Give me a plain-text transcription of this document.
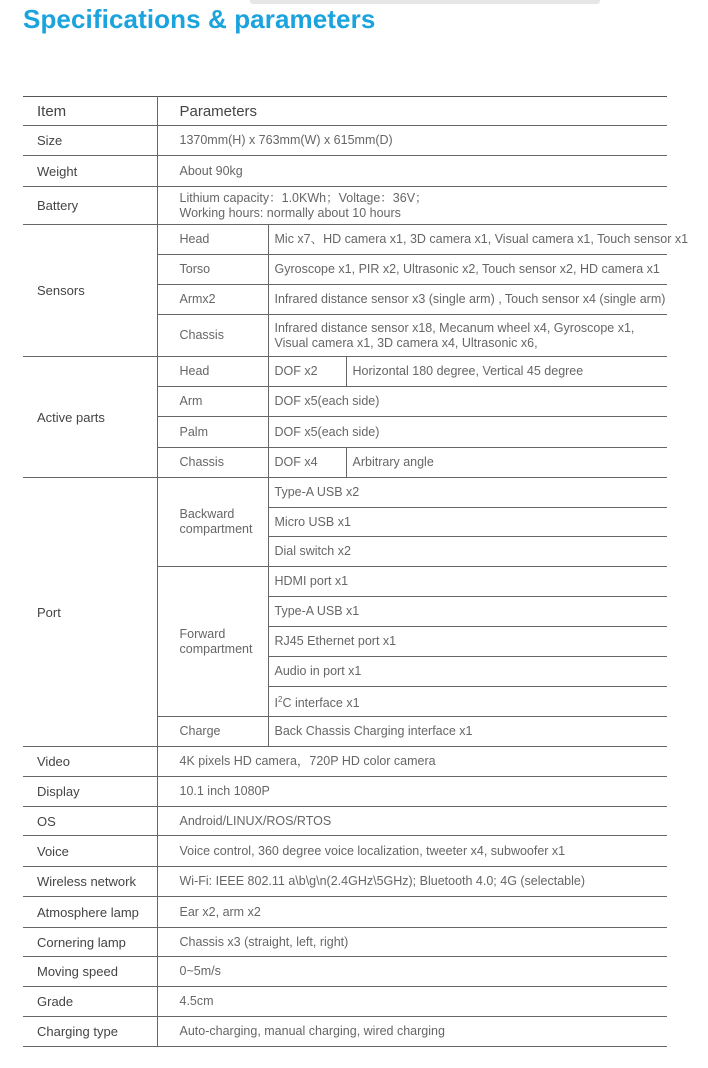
Specifications & parameters
Item	Parameters		
Size	1370mm(H) x 763mm(W) x 615mm(D)		
Weight	About 90kg		
Battery	Lithium capacity：1.0KWh；Voltage：36V；
Working hours: normally about 10 hours		

Sensors	Head	Mic x7、HD camera x1, 3D camera x1, Visual camera x1, Touch sensor x1	
	Torso	Gyroscope x1, PIR x2, Ultrasonic x2, Touch sensor x2, HD camera x1	
	Armx2	Infrared distance sensor x3 (single arm) , Touch sensor x4 (single arm)	
	Chassis	Infrared distance sensor x18, Mecanum wheel x4, Gyroscope x1,
Visual camera x1, 3D camera x4, Ultrasonic x6,	

Active parts	Head	DOF x2	Horizontal 180 degree, Vertical 45 degree
	Arm	DOF x5(each side)	
	Palm	DOF x5(each side)	
	Chassis	DOF x4	Arbitrary angle
Port	Backward
compartment	Type-A USB x2	
		Micro USB x1	
		Dial switch x2	

	Forward
compartment	HDMI port x1	
		Type-A USB x1	
		RJ45 Ethernet port x1	
		Audio in port x1	
		$I^2C$ interface x1	
	Charge	Back Chassis Charging interface x1	
Video	4K pixels HD camera，720P HD color camera		
Display	10.1 inch 1080P		
OS	Android/LINUX/ROS/RTOS		
Voice	Voice control, 360 degree voice localization, tweeter x4, subwoofer x1		
Wireless network	Wi-Fi: IEEE 802.11 a\b\g\n(2.4GHz\5GHz); Bluetooth 4.0; 4G (selectable)		
Atmosphere lamp	Ear x2, arm x2		
Cornering lamp	Chassis x3 (straight, left, right)		
Moving speed	0~5m/s		
Grade	4.5cm		
Charging type	Auto-charging, manual charging, wired charging		
